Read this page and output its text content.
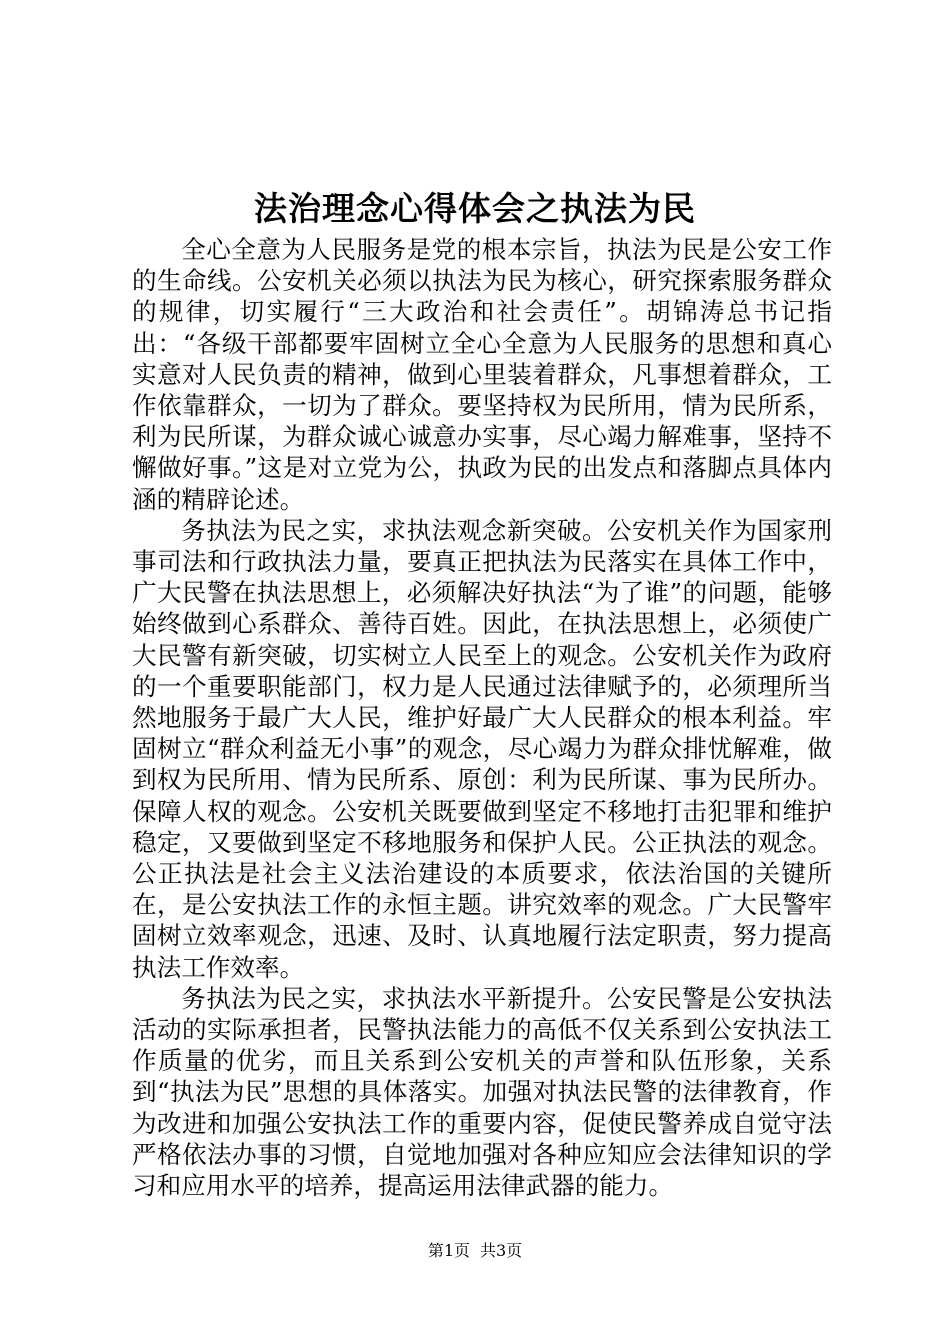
法治理念心得体会之执法为民

全心全意为人民服务是党的根本宗旨，执法为民是公安工作的生命线。公安机关必须以执法为民为核心，研究探索服务群众的规律，切实履行“三大政治和社会责任”。胡锦涛总书记指出：“各级干部都要牢固树立全心全意为人民服务的思想和真心实意对人民负责的精神，做到心里装着群众，凡事想着群众，工作依靠群众，一切为了群众。要坚持权为民所用，情为民所系，利为民所谋，为群众诚心诚意办实事，尽心竭力解难事，坚持不懈做好事。”这是对立党为公，执政为民的出发点和落脚点具体内涵的精辟论述。

务执法为民之实，求执法观念新突破。公安机关作为国家刑事司法和行政执法力量，要真正把执法为民落实在具体工作中，广大民警在执法思想上，必须解决好执法“为了谁”的问题，能够始终做到心系群众、善待百姓。因此，在执法思想上，必须使广大民警有新突破，切实树立人民至上的观念。公安机关作为政府的一个重要职能部门，权力是人民通过法律赋予的，必须理所当然地服务于最广大人民，维护好最广大人民群众的根本利益。牢固树立“群众利益无小事”的观念，尽心竭力为群众排忧解难，做到权为民所用、情为民所系、原创：利为民所谋、事为民所办。保障人权的观念。公安机关既要做到坚定不移地打击犯罪和维护稳定，又要做到坚定不移地服务和保护人民。公正执法的观念。公正执法是社会主义法治建设的本质要求，依法治国的关键所在，是公安执法工作的永恒主题。讲究效率的观念。广大民警牢固树立效率观念，迅速、及时、认真地履行法定职责，努力提高执法工作效率。

务执法为民之实，求执法水平新提升。公安民警是公安执法活动的实际承担者，民警执法能力的高低不仅关系到公安执法工作质量的优劣，而且关系到公安机关的声誉和队伍形象，关系到“执法为民”思想的具体落实。加强对执法民警的法律教育，作为改进和加强公安执法工作的重要内容，促使民警养成自觉守法严格依法办事的习惯，自觉地加强对各种应知应会法律知识的学习和应用水平的培养，提高运用法律武器的能力。

第1页 共3页
